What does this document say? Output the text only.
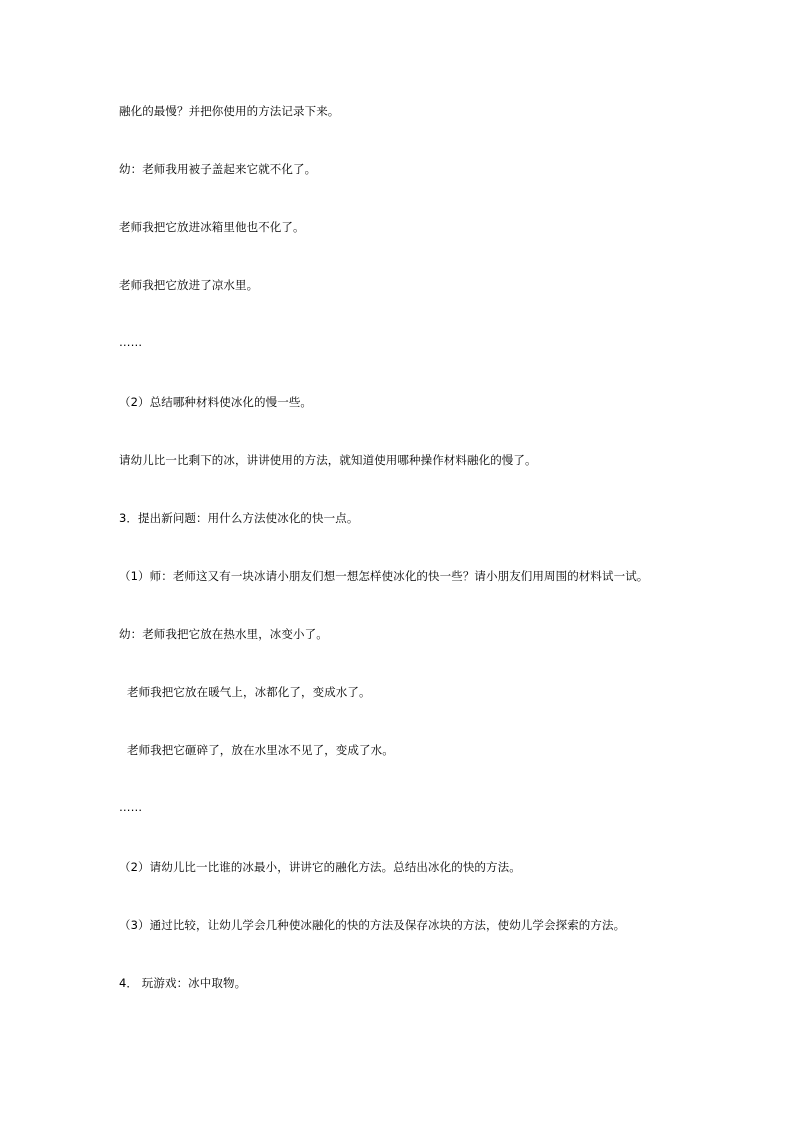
融化的最慢？并把你使用的方法记录下来。
幼：老师我用被子盖起来它就不化了。
老师我把它放进冰箱里他也不化了。
老师我把它放进了凉水里。
……
（2）总结哪种材料使冰化的慢一些。
请幼儿比一比剩下的冰，讲讲使用的方法，就知道使用哪种操作材料融化的慢了。
3．提出新问题：用什么方法使冰化的快一点。
（1）师：老师这又有一块冰请小朋友们想一想怎样使冰化的快一些？请小朋友们用周围的材料试一试。
幼：老师我把它放在热水里，冰变小了。
老师我把它放在暖气上，冰都化了，变成水了。
老师我把它砸碎了，放在水里冰不见了，变成了水。
……
（2）请幼儿比一比谁的冰最小，讲讲它的融化方法。总结出冰化的快的方法。
（3）通过比较，让幼儿学会几种使冰融化的快的方法及保存冰块的方法，使幼儿学会探索的方法。
4． 玩游戏：冰中取物。
